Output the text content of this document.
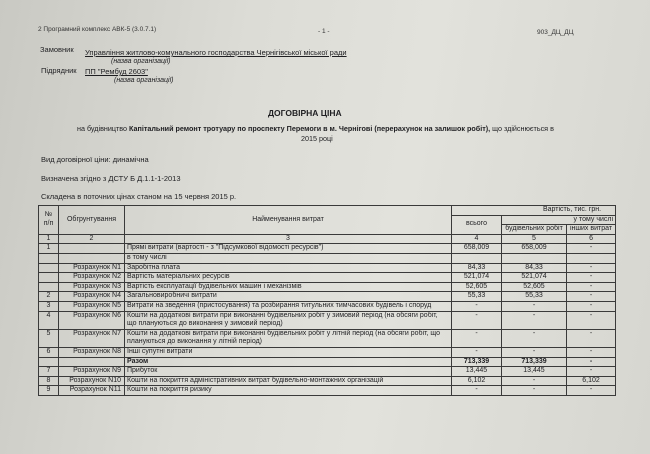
2 Програмний комплекс АВК-5 (3.0.7.1)	- 1 -	903_ДЦ_ДЦ
Замовник Управління житлово-комунального господарства Чернігівської міської ради
(назва організації)
Підрядник ПП "Рембуд 2603"
(назва організації)
ДОГОВІРНА ЦІНА
на будівництво Капітальний ремонт тротуару по проспекту Перемоги в м. Чернігові (перерахунок на залишок робіт), що здійснюється в
2015 році
Вид договірної ціни: динамічна
Визначена згідно з ДСТУ Б Д.1.1-1-2013
Складена в поточних цінах станом на 15 червня 2015 р.
№ п/п	Обгрунтування	Найменування витрат	Вартість, тис. грн.		
			всього	у тому числі	
				будівельних робіт	інших витрат
1	2	3	4	5	6
1		Прямі витрати (вартості - з "Підсумкової відомості ресурсів")	658,009	658,009	-
		в тому числі			
	Розрахунок N1	Заробітна плата	84,33	84,33	-
	Розрахунок N2	Вартість матеріальних ресурсів	521,074	521,074	-
	Розрахунок N3	Вартість експлуатації будівельних машин і механізмів	52,605	52,605	-
2	Розрахунок N4	Загальновиробничі витрати	55,33	55,33	-
3	Розрахунок N5	Витрати на зведення (пристосування) та розбирання титульних тимчасових будівель і споруд	-	-	-
4	Розрахунок N6	Кошти на додаткові витрати при виконанні будівельних робіт у зимовий період (на обсяги робіт, що плануються до виконання у зимовий період)	-	-	-
5	Розрахунок N7	Кошти на додаткові витрати при виконанні будівельних робіт у літній період (на обсяги робіт, що плануються до виконання у літній період)	-	-	-
6	Розрахунок N8	Інші супутні витрати	-	-	-
		Разом	713,339	713,339	-
7	Розрахунок N9	Прибуток	13,445	13,445	-
8	Розрахунок N10	Кошти на покриття адміністративних витрат будівельно-монтажних організацій	6,102	-	6,102
9	Розрахунок N11	Кошти на покриття ризику	-	-	-
